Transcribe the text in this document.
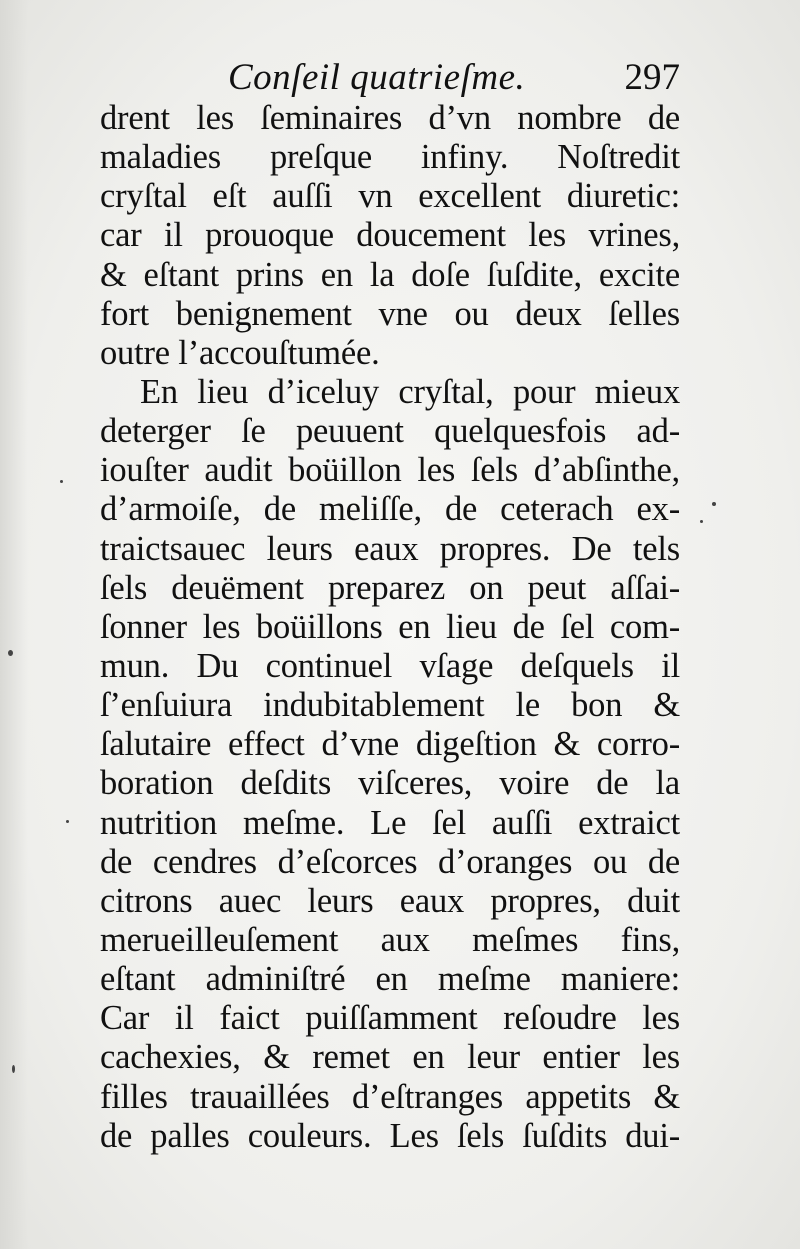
Conſeil quatrieſme.	297
drent les ſeminaires d’vn nombre de
maladies preſque infiny. Noſtredit
cryſtal eſt auſſi vn excellent diuretic:
car il prouoque doucement les vrines,
& eſtant prins en la doſe ſuſdite, excite
fort benignement vne ou deux ſelles
outre l’accouſtumée.
En lieu d’iceluy cryſtal, pour mieux
deterger ſe peuuent quelquesfois ad-
iouſter audit boüillon les ſels d’abſinthe,
d’armoiſe, de meliſſe, de ceterach ex-
traictsauec leurs eaux propres. De tels
ſels deuëment preparez on peut aſſai-
ſonner les boüillons en lieu de ſel com-
mun. Du continuel vſage deſquels il
ſ’enſuiura indubitablement le bon &
ſalutaire effect d’vne digeſtion & corro-
boration deſdits viſceres, voire de la
nutrition meſme. Le ſel auſſi extraict
de cendres d’eſcorces d’oranges ou de
citrons auec leurs eaux propres, duit
merueilleuſement aux meſmes fins,
eſtant adminiſtré en meſme maniere:
Car il faict puiſſamment reſoudre les
cachexies, & remet en leur entier les
filles trauaillées d’eſtranges appetits &
de palles couleurs. Les ſels ſuſdits dui-
